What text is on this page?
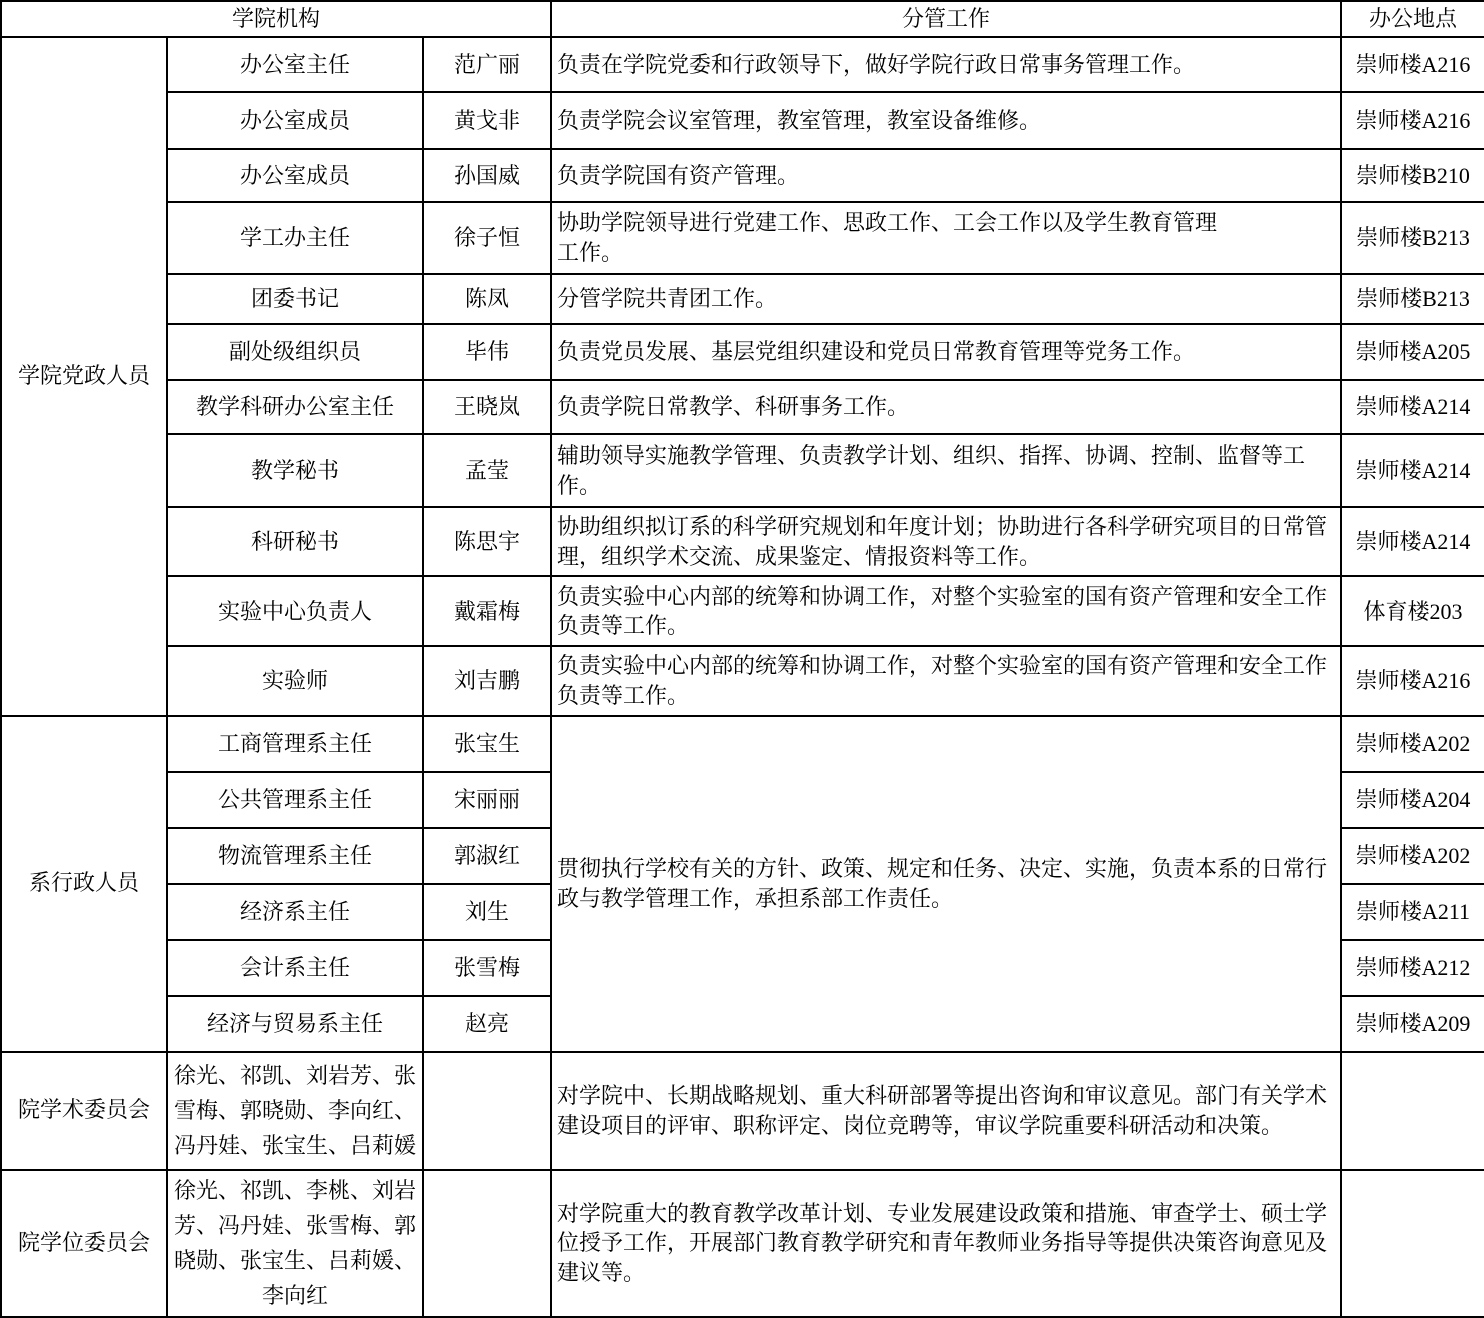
学院机构			分管工作	办公地点
学院党政人员	办公室主任	范广丽	负责在学院党委和行政领导下，做好学院行政日常事务管理工作。	崇师楼A216
	办公室成员	黄戈非	负责学院会议室管理，教室管理，教室设备维修。	崇师楼A216
	办公室成员	孙国威	负责学院国有资产管理。	崇师楼B210
	学工办主任	徐子恒	协助学院领导进行党建工作、思政工作、工会工作以及学生教育管理
工作。	崇师楼B213
	团委书记	陈凤	分管学院共青团工作。	崇师楼B213
	副处级组织员	毕伟	负责党员发展、基层党组织建设和党员日常教育管理等党务工作。	崇师楼A205
	教学科研办公室主任	王晓岚	负责学院日常教学、科研事务工作。	崇师楼A214
	教学秘书	孟莹	辅助领导实施教学管理、负责教学计划、组织、指挥、协调、控制、监督等工作。	崇师楼A214
	科研秘书	陈思宇	协助组织拟订系的科学研究规划和年度计划；协助进行各科学研究项目的日常管理，组织学术交流、成果鉴定、情报资料等工作。	崇师楼A214
	实验中心负责人	戴霜梅	负责实验中心内部的统筹和协调工作，对整个实验室的国有资产管理和安全工作负责等工作。	体育楼203
	实验师	刘吉鹏	负责实验中心内部的统筹和协调工作，对整个实验室的国有资产管理和安全工作负责等工作。	崇师楼A216
系行政人员	工商管理系主任	张宝生	贯彻执行学校有关的方针、政策、规定和任务、决定、实施，负责本系的日常行政与教学管理工作，承担系部工作责任。	崇师楼A202
	公共管理系主任	宋丽丽		崇师楼A204
	物流管理系主任	郭淑红		崇师楼A202
	经济系主任	刘生		崇师楼A211
	会计系主任	张雪梅		崇师楼A212
	经济与贸易系主任	赵亮		崇师楼A209
院学术委员会	徐光、祁凯、刘岩芳、张雪梅、郭晓勋、李向红、冯丹娃、张宝生、吕莉媛		对学院中、长期战略规划、重大科研部署等提出咨询和审议意见。部门有关学术建设项目的评审、职称评定、岗位竞聘等，审议学院重要科研活动和决策。	
院学位委员会	徐光、祁凯、李桃、刘岩芳、冯丹娃、张雪梅、郭晓勋、张宝生、吕莉媛、李向红		对学院重大的教育教学改革计划、专业发展建设政策和措施、审查学士、硕士学位授予工作，开展部门教育教学研究和青年教师业务指导等提供决策咨询意见及建议等。	
